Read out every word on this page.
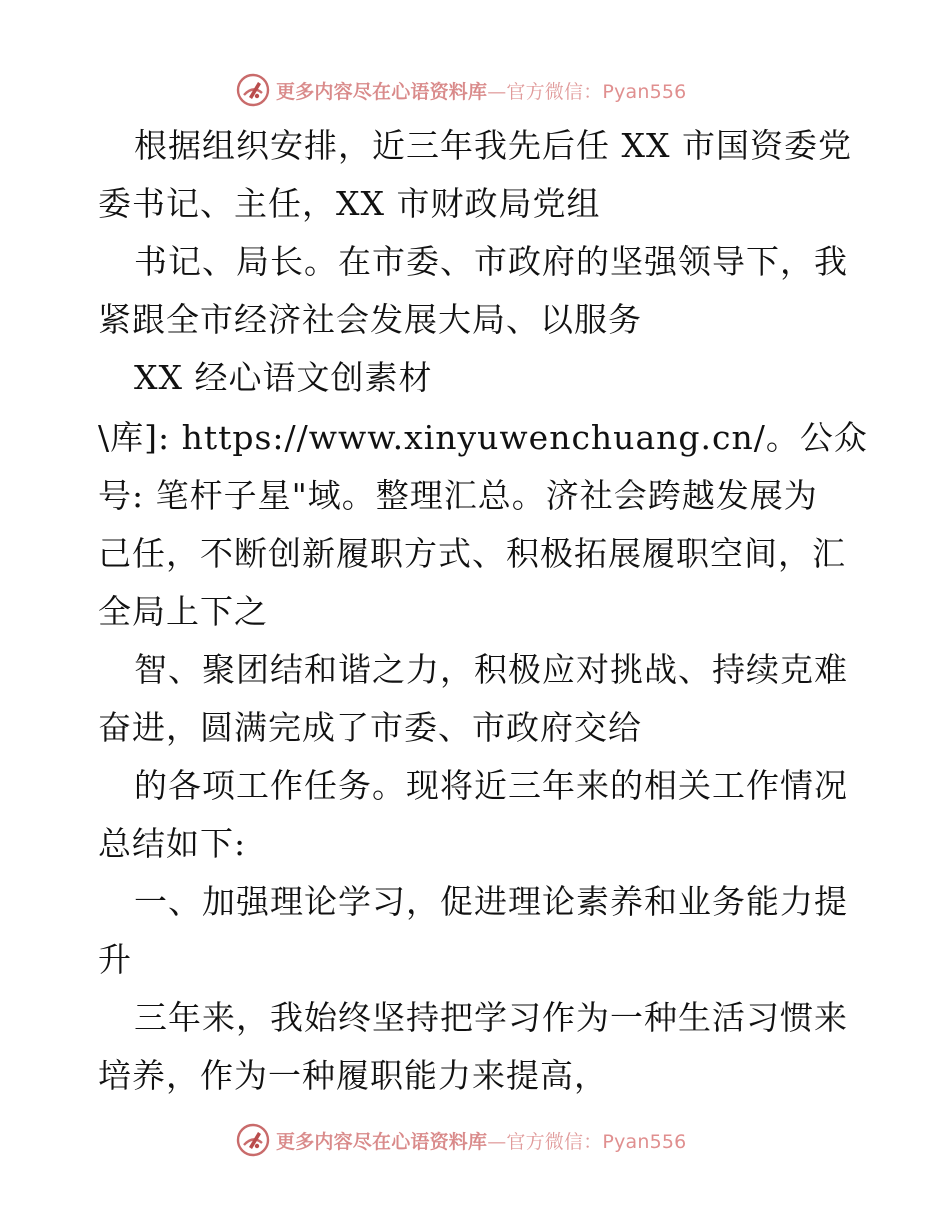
更多内容尽在心语资料库—官方微信：Pyan556
根据组织安排，近三年我先后任 XX 市国资委党
委书记、主任，XX 市财政局党组
书记、局长。在市委、市政府的坚强领导下，我
紧跟全市经济社会发展大局、以服务
XX 经心语文创素材
\库]: https://www.xinyuwenchuang.cn/。公众
号: 笔杆子星"域。整理汇总。济社会跨越发展为
己任，不断创新履职方式、积极拓展履职空间，汇
全局上下之
智、聚团结和谐之力，积极应对挑战、持续克难
奋进，圆满完成了市委、市政府交给
的各项工作任务。现将近三年来的相关工作情况
总结如下:
一、加强理论学习，促进理论素养和业务能力提
升
三年来，我始终坚持把学习作为一种生活习惯来
培养，作为一种履职能力来提高，
更多内容尽在心语资料库—官方微信：Pyan556
